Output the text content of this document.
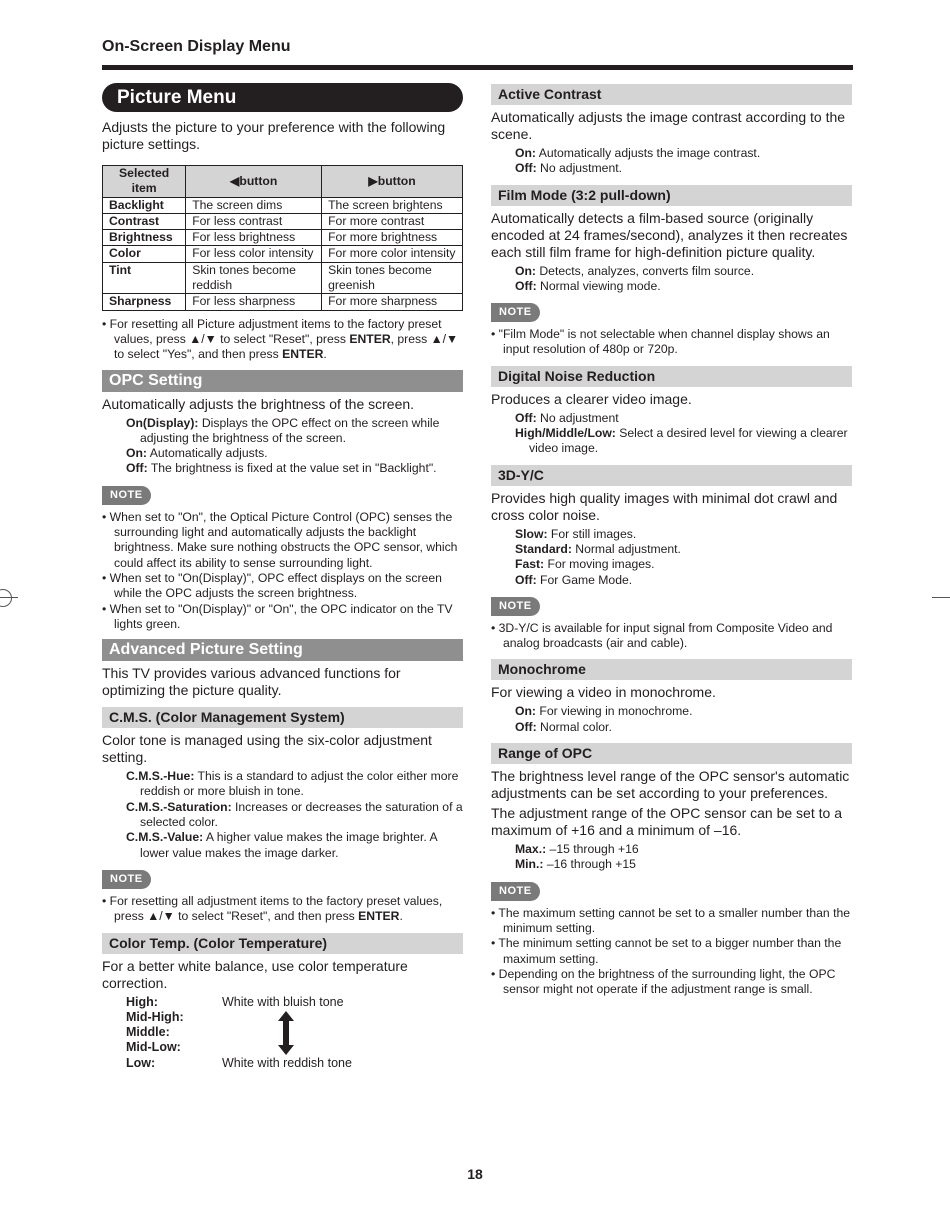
On-Screen Display Menu
Picture Menu
Adjusts the picture to your preference with the following picture settings.
Selected item	◀button	▶button
Backlight	The screen dims	The screen brightens
Contrast	For less contrast	For more contrast
Brightness	For less brightness	For more brightness
Color	For less color intensity	For more color intensity
Tint	Skin tones become reddish	Skin tones become greenish
Sharpness	For less sharpness	For more sharpness
• For resetting all Picture adjustment items to the factory preset values, press ▲/▼ to select "Reset", press ENTER, press ▲/▼ to select "Yes", and then press ENTER.
OPC Setting
Automatically adjusts the brightness of the screen.
On(Display): Displays the OPC effect on the screen while adjusting the brightness of the screen.
On: Automatically adjusts.
Off: The brightness is fixed at the value set in "Backlight".
NOTE
• When set to "On", the Optical Picture Control (OPC) senses the surrounding light and automatically adjusts the backlight brightness. Make sure nothing obstructs the OPC sensor, which could affect its ability to sense surrounding light.
• When set to "On(Display)", OPC effect displays on the screen while the OPC adjusts the screen brightness.
• When set to "On(Display)" or "On", the OPC indicator on the TV lights green.
Advanced Picture Setting
This TV provides various advanced functions for optimizing the picture quality.
C.M.S. (Color Management System)
Color tone is managed using the six-color adjustment setting.
C.M.S.-Hue: This is a standard to adjust the color either more reddish or more bluish in tone.
C.M.S.-Saturation: Increases or decreases the saturation of a selected color.
C.M.S.-Value: A higher value makes the image brighter. A lower value makes the image darker.
NOTE
• For resetting all adjustment items to the factory preset values, press ▲/▼ to select "Reset", and then press ENTER.
Color Temp. (Color Temperature)
For a better white balance, use color temperature correction.
High:	White with bluish tone
Mid-High:
Middle:
Mid-Low:
Low:	White with reddish tone
Active Contrast
Automatically adjusts the image contrast according to the scene.
On: Automatically adjusts the image contrast.
Off: No adjustment.
Film Mode (3:2 pull-down)
Automatically detects a film-based source (originally encoded at 24 frames/second), analyzes it then recreates each still film frame for high-definition picture quality.
On: Detects, analyzes, converts film source.
Off: Normal viewing mode.
NOTE
• "Film Mode" is not selectable when channel display shows an input resolution of 480p or 720p.
Digital Noise Reduction
Produces a clearer video image.
Off: No adjustment
High/Middle/Low: Select a desired level for viewing a clearer video image.
3D-Y/C
Provides high quality images with minimal dot crawl and cross color noise.
Slow: For still images.
Standard: Normal adjustment.
Fast: For moving images.
Off: For Game Mode.
NOTE
• 3D-Y/C is available for input signal from Composite Video and analog broadcasts (air and cable).
Monochrome
For viewing a video in monochrome.
On: For viewing in monochrome.
Off: Normal color.
Range of OPC
The brightness level range of the OPC sensor's automatic adjustments can be set according to your preferences.
The adjustment range of the OPC sensor can be set to a maximum of +16 and a minimum of –16.
Max.: –15 through +16
Min.: –16 through +15
NOTE
• The maximum setting cannot be set to a smaller number than the minimum setting.
• The minimum setting cannot be set to a bigger number than the maximum setting.
• Depending on the brightness of the surrounding light, the OPC sensor might not operate if the adjustment range is small.
18
